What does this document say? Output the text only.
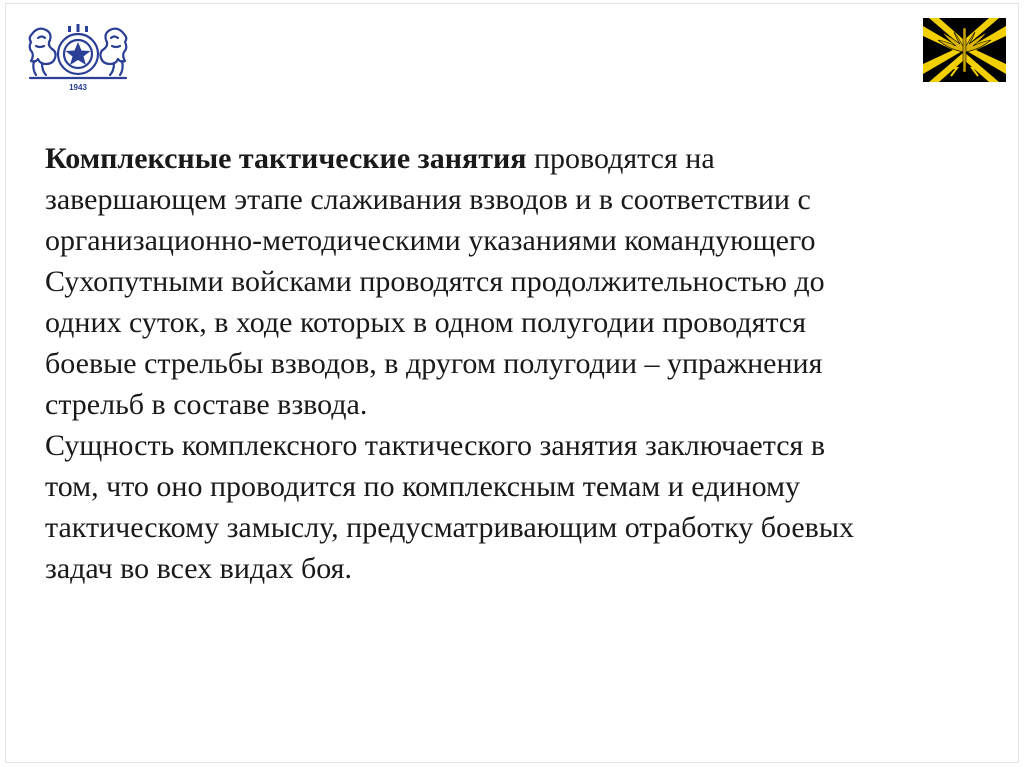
1943

Комплексные тактические занятия проводятся на
завершающем этапе слаживания взводов и в соответствии с
организационно-методическими указаниями командующего
Сухопутными войсками проводятся продолжительностью до
одних суток, в ходе которых в одном полугодии проводятся
боевые стрельбы взводов, в другом полугодии – упражнения
стрельб в составе взвода.

Сущность комплексного тактического занятия заключается в
том, что оно проводится по комплексным темам и единому
тактическому замыслу, предусматривающим отработку боевых
задач во всех видах боя.
